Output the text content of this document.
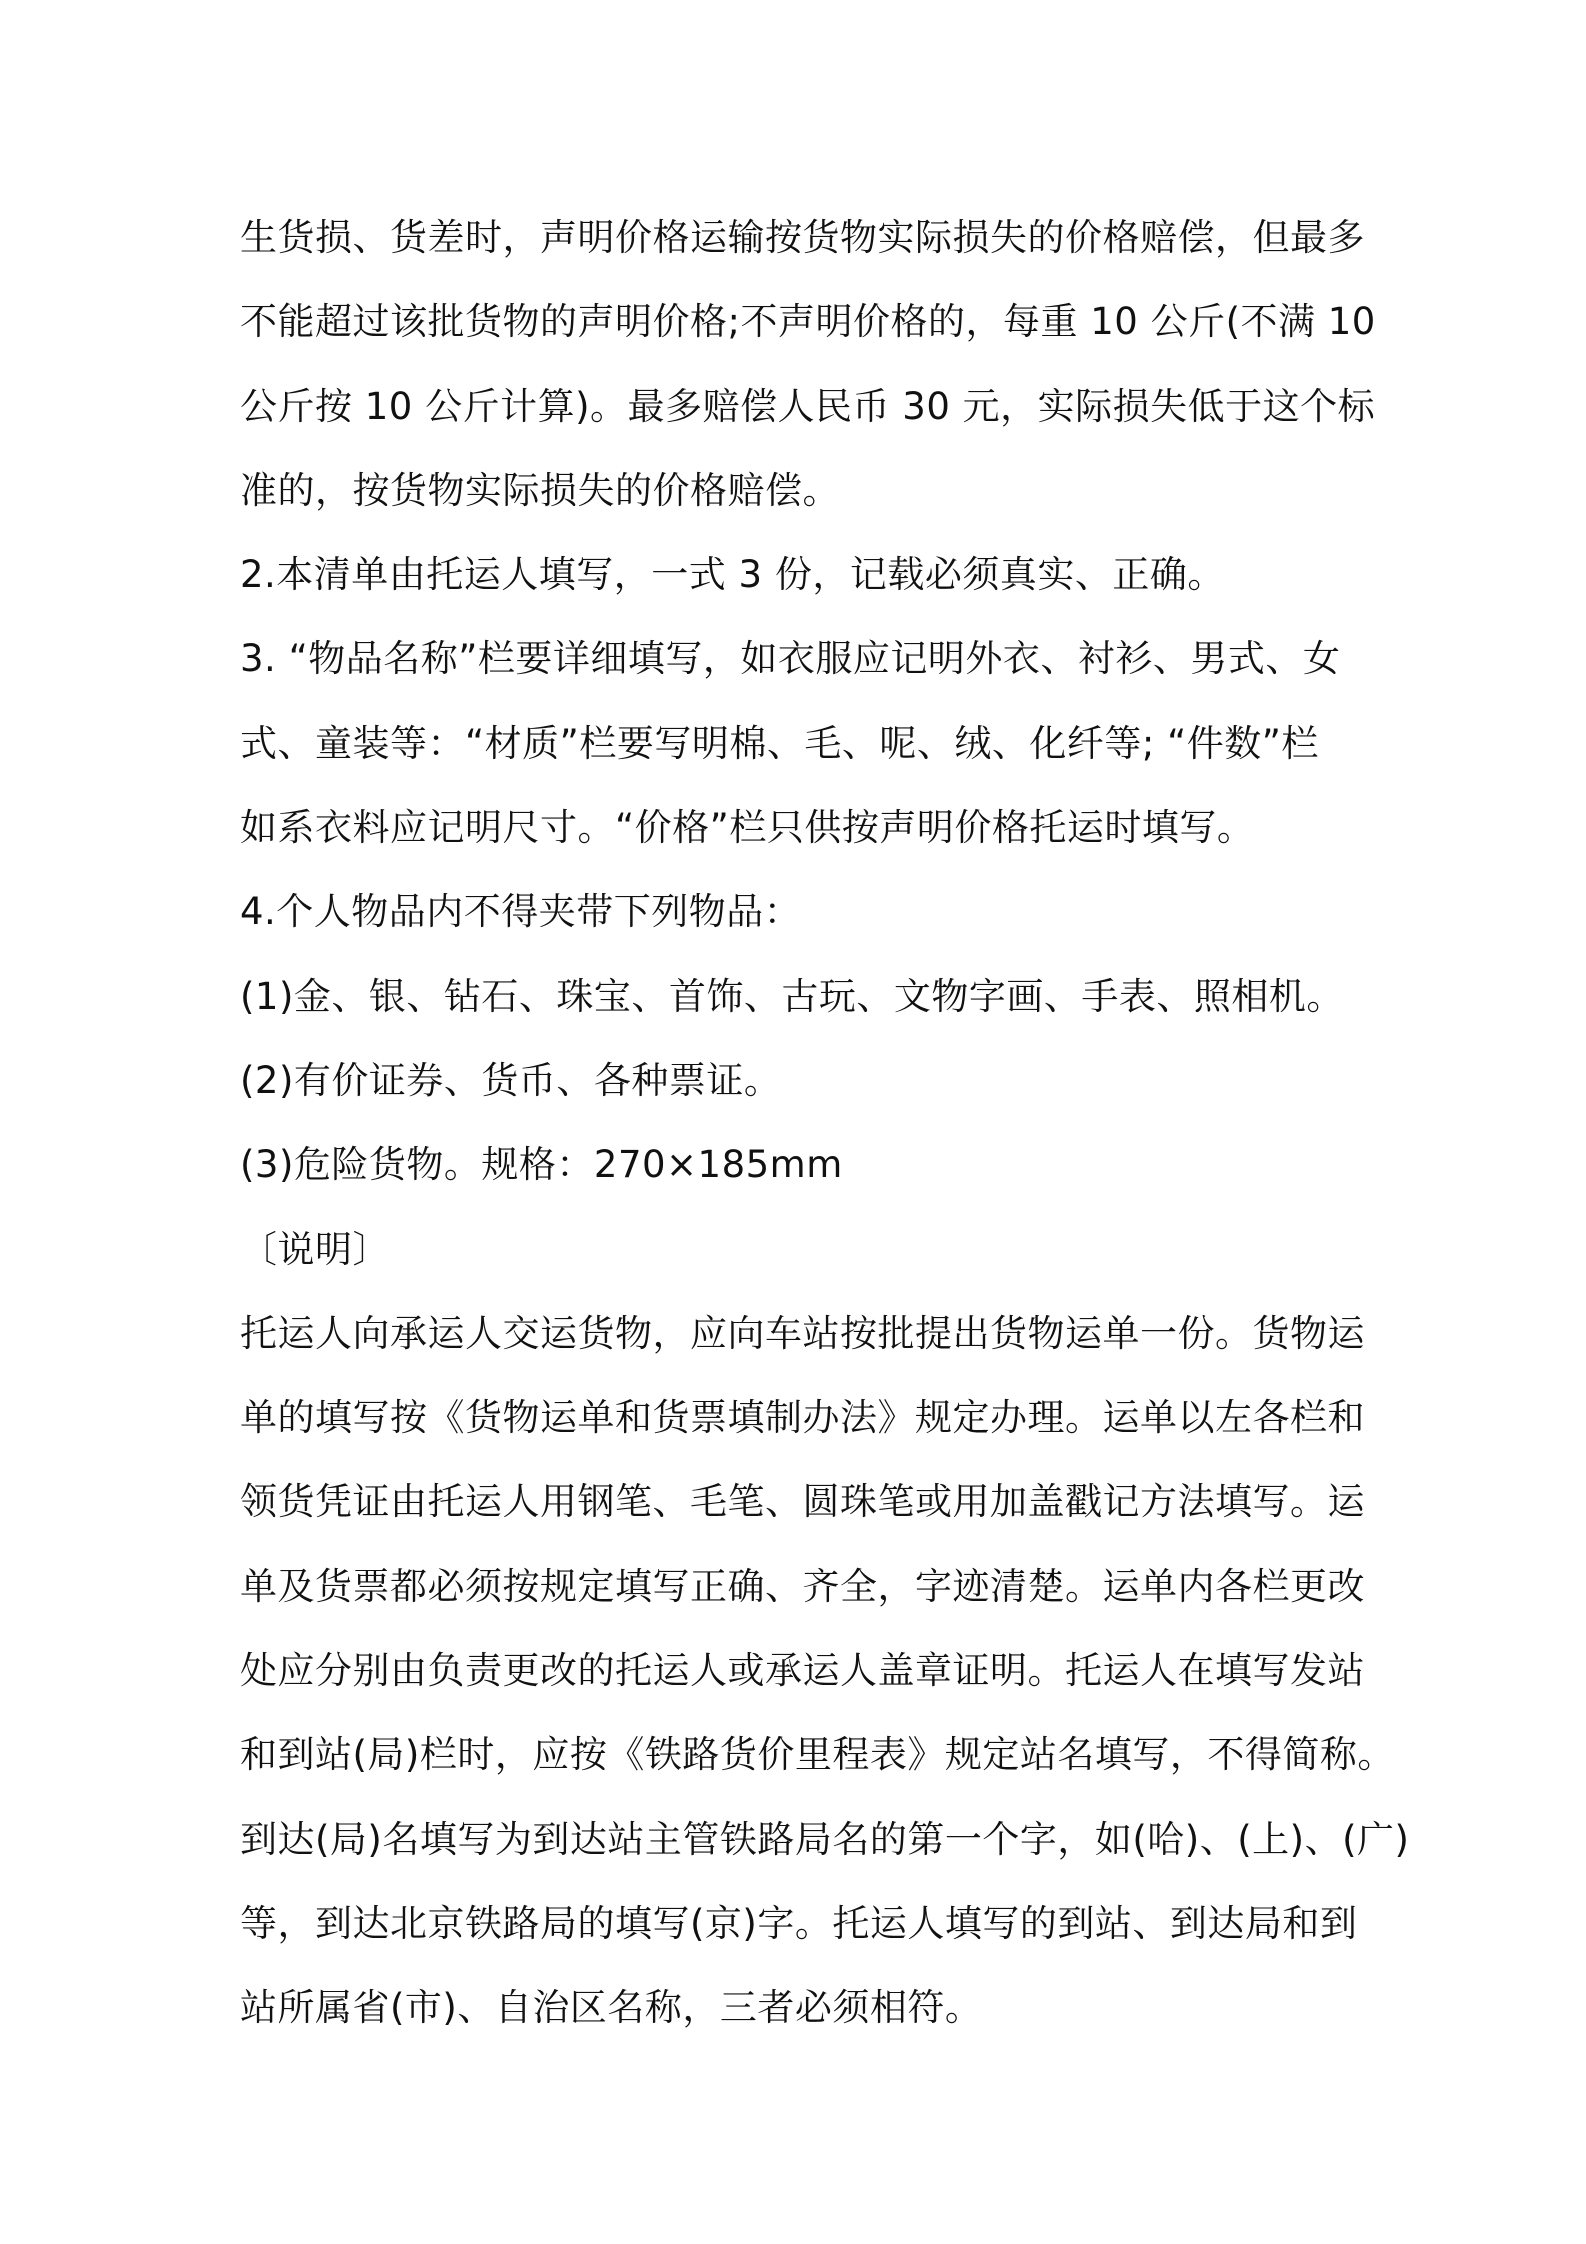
生货损、货差时，声明价格运输按货物实际损失的价格赔偿，但最多
不能超过该批货物的声明价格;不声明价格的，每重 10 公斤(不满 10
公斤按 10 公斤计算)。最多赔偿人民币 30 元，实际损失低于这个标
准的，按货物实际损失的价格赔偿。
2.本清单由托运人填写，一式 3 份，记载必须真实、正确。
3. “物品名称”栏要详细填写，如衣服应记明外衣、衬衫、男式、女
式、童装等：“材质”栏要写明棉、毛、呢、绒、化纤等; “件数”栏
如系衣料应记明尺寸。“价格”栏只供按声明价格托运时填写。
4.个人物品内不得夹带下列物品：
(1)金、银、钻石、珠宝、首饰、古玩、文物字画、手表、照相机。
(2)有价证券、货币、各种票证。
(3)危险货物。规格：270×185mm
〔说明〕
托运人向承运人交运货物，应向车站按批提出货物运单一份。货物运
单的填写按《货物运单和货票填制办法》规定办理。运单以左各栏和
领货凭证由托运人用钢笔、毛笔、圆珠笔或用加盖戳记方法填写。运
单及货票都必须按规定填写正确、齐全，字迹清楚。运单内各栏更改
处应分别由负责更改的托运人或承运人盖章证明。托运人在填写发站
和到站(局)栏时，应按《铁路货价里程表》规定站名填写，不得简称。
到达(局)名填写为到达站主管铁路局名的第一个字，如(哈)、(上)、(广)
等，到达北京铁路局的填写(京)字。托运人填写的到站、到达局和到
站所属省(市)、自治区名称，三者必须相符。
